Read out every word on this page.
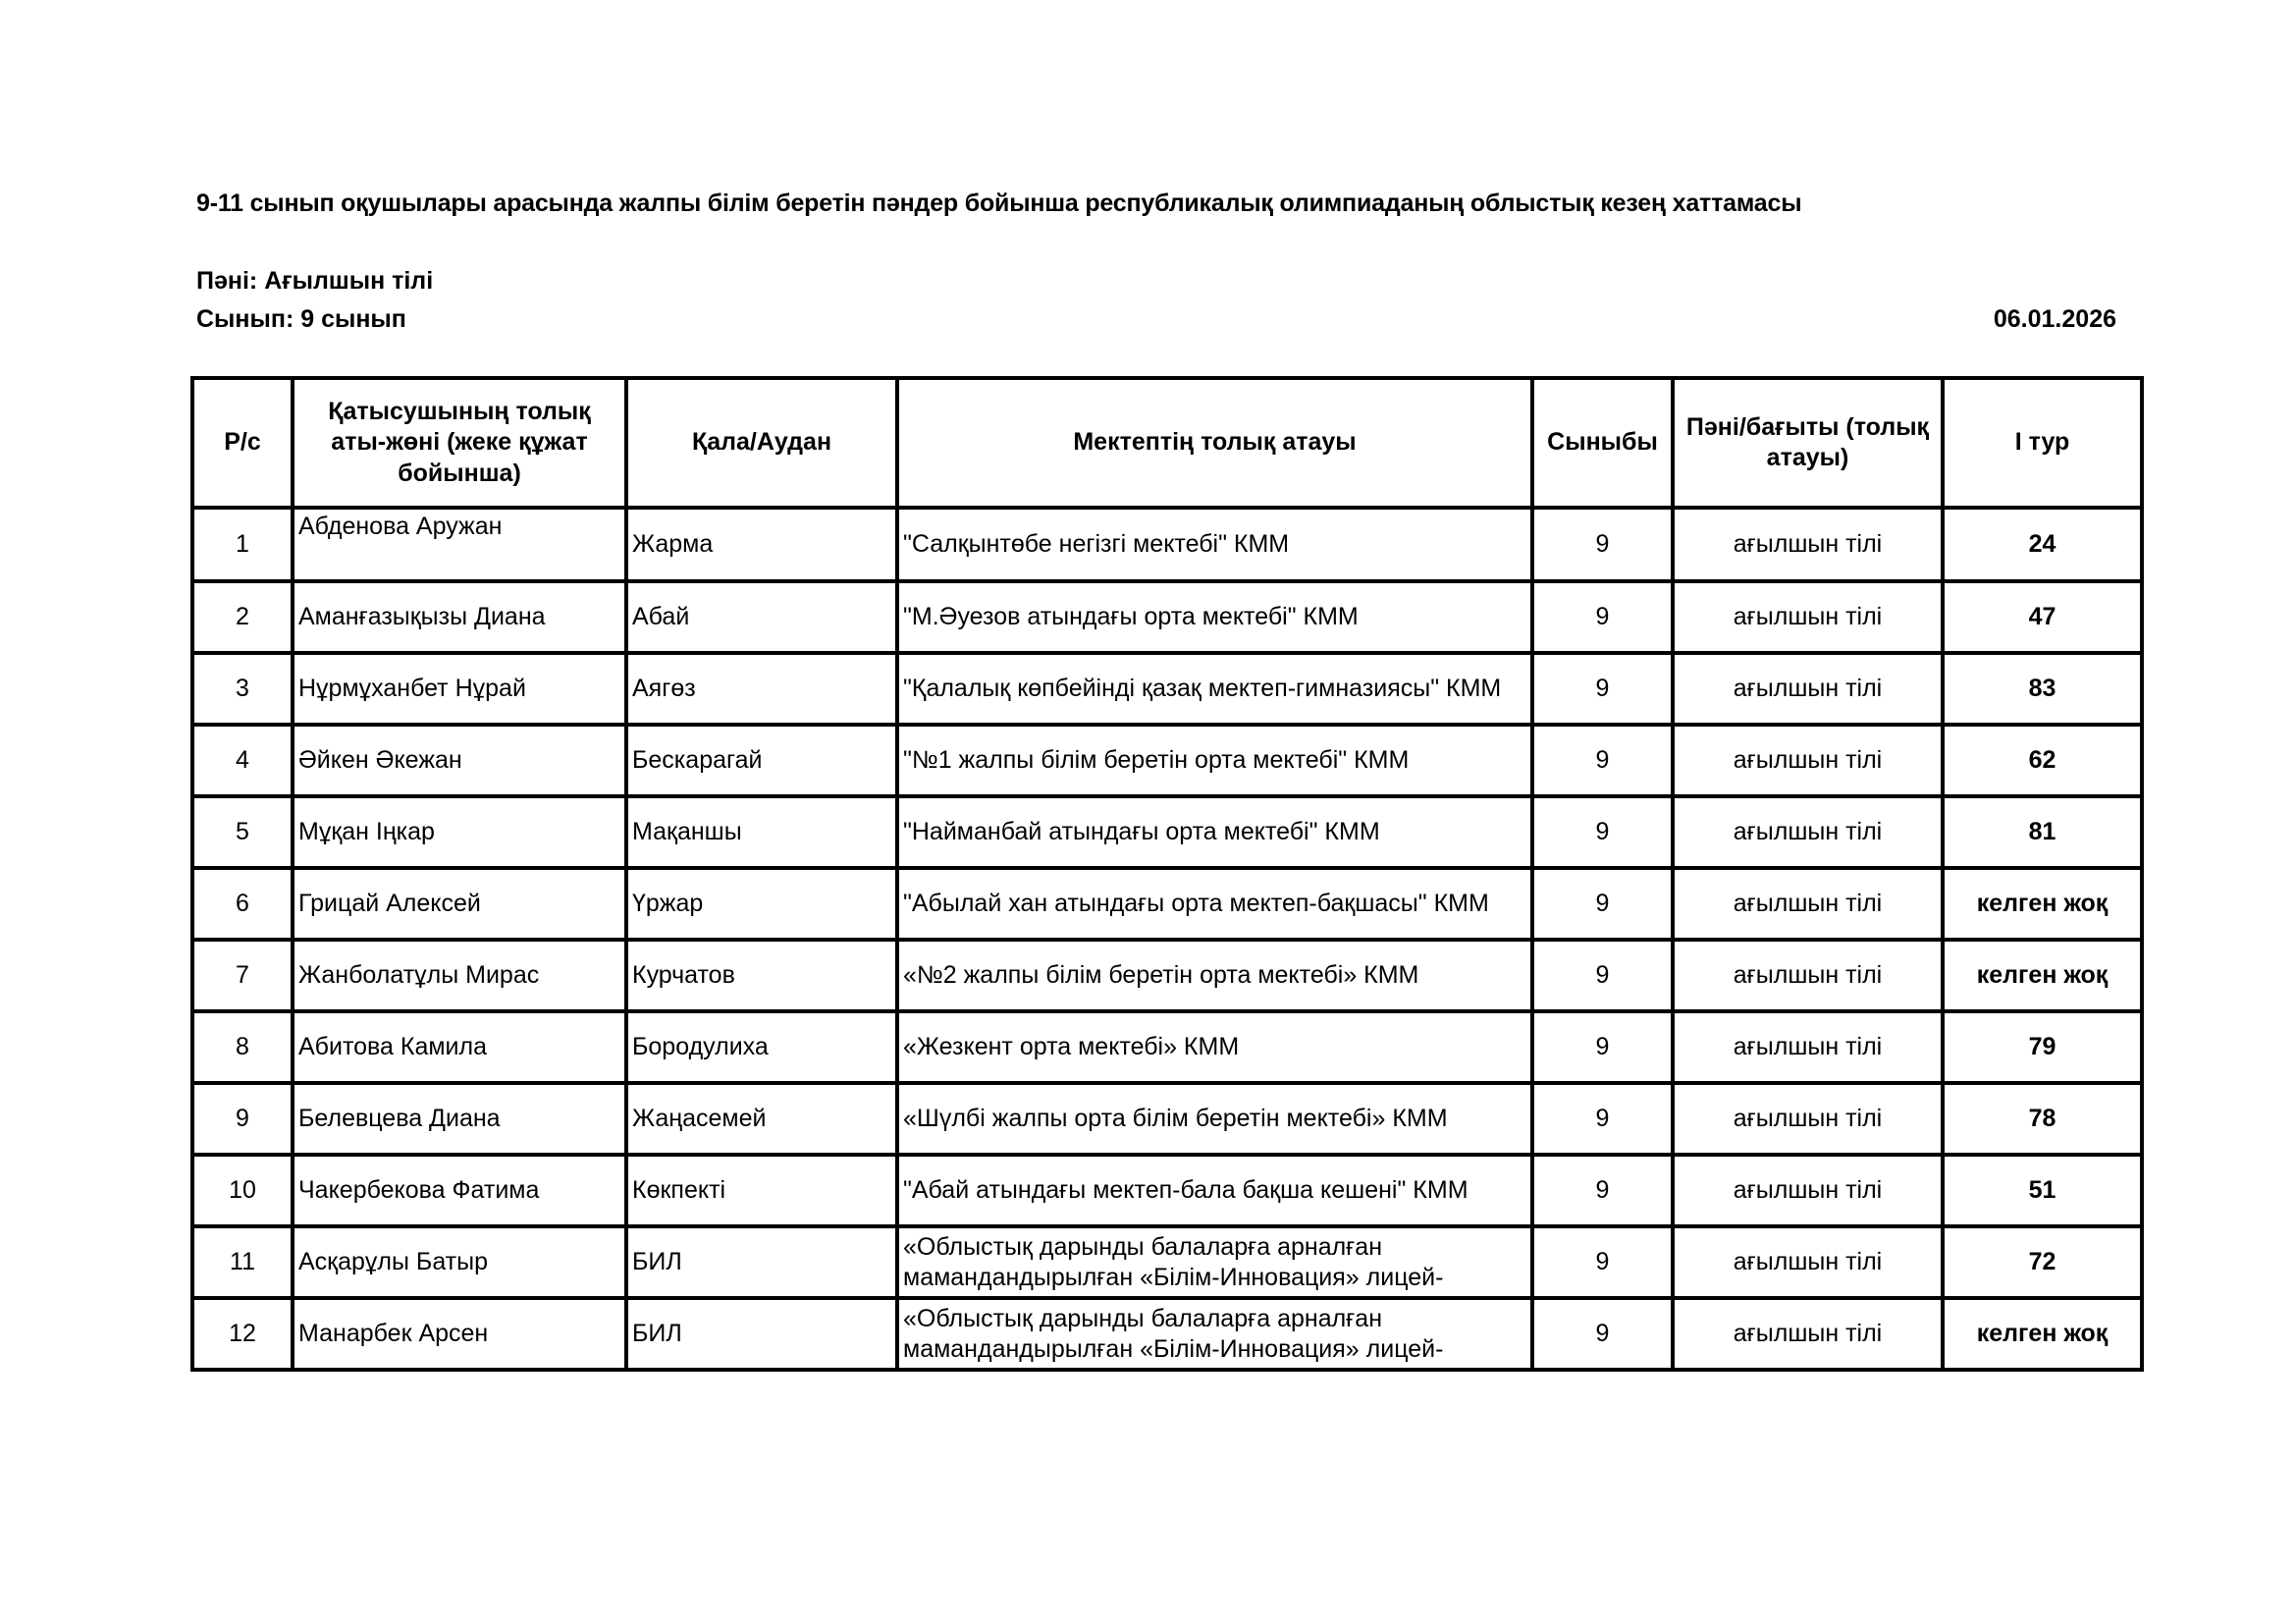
9-11 сынып оқушылары арасында жалпы білім беретін пәндер бойынша республикалық олимпиаданың облыстық кезең хаттамасы
Пәні: Ағылшын тілі
Сынып: 9 сынып	06.01.2026
Р/с	Қатысушының толық аты-жөні (жеке құжат бойынша)	Қала/Аудан	Мектептің толық атауы	Сыныбы	Пәні/бағыты (толық атауы)	І тур
1	Абденова Аружан	Жарма	"Салқынтөбе негізгі мектебі" КММ	9	ағылшын тілі	24
2	Аманғазықызы Диана	Абай	"М.Әуезов атындағы орта мектебі" КММ	9	ағылшын тілі	47
3	Нұрмұханбет Нұрай	Аягөз	"Қалалық көпбейінді қазақ мектеп-гимназиясы" КММ	9	ағылшын тілі	83
4	Әйкен Әкежан	Бескарагай	"№1 жалпы білім беретін орта мектебі" КММ	9	ағылшын тілі	62
5	Мұқан Іңкар	Мақаншы	"Найманбай атындағы орта мектебі" КММ	9	ағылшын тілі	81
6	Грицай Алексей	Үржар	"Абылай хан атындағы орта мектеп-бақшасы" КММ	9	ағылшын тілі	келген жоқ
7	Жанболатұлы Мирас	Курчатов	«№2 жалпы білім беретін орта мектебі» КММ	9	ағылшын тілі	келген жоқ
8	Абитова Камила	Бородулиха	«Жезкент орта мектебі» КММ	9	ағылшын тілі	79
9	Белевцева Диана	Жаңасемей	«Шүлбі жалпы орта білім беретін мектебі» КММ	9	ағылшын тілі	78
10	Чакербекова Фатима	Көкпекті	"Абай атындағы мектеп-бала бақша кешені" КММ	9	ағылшын тілі	51
11	Асқарұлы Батыр	БИЛ	«Облыстық дарынды балаларға арналған мамандандырылған «Білім-Инновация» лицей-	9	ағылшын тілі	72
12	Манарбек Арсен	БИЛ	«Облыстық дарынды балаларға арналған мамандандырылған «Білім-Инновация» лицей-	9	ағылшын тілі	келген жоқ
